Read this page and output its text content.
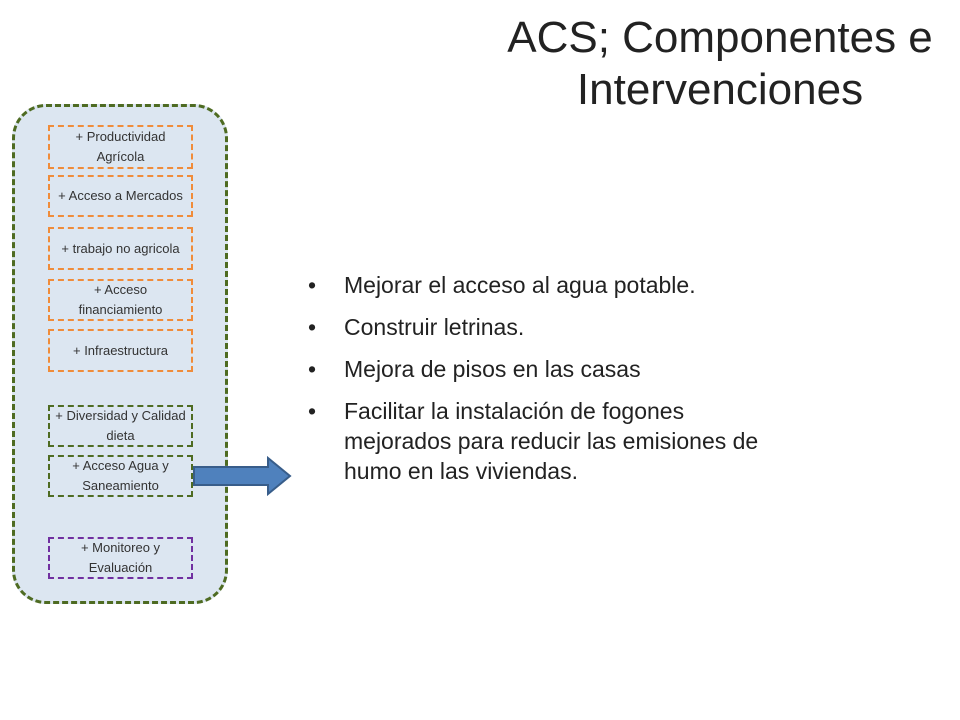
ACS; Componentes e
Intervenciones
+ Productividad Agrícola
+ Acceso a Mercados
+ trabajo no agricola
+ Acceso financiamiento
+ Infraestructura
+ Diversidad y Calidad dieta
+ Acceso Agua y Saneamiento
+ Monitoreo y Evaluación
• Mejorar el acceso al agua potable.
• Construir letrinas.
• Mejora de pisos en las casas
• Facilitar la instalación de fogones mejorados para reducir las emisiones de humo en las viviendas.
